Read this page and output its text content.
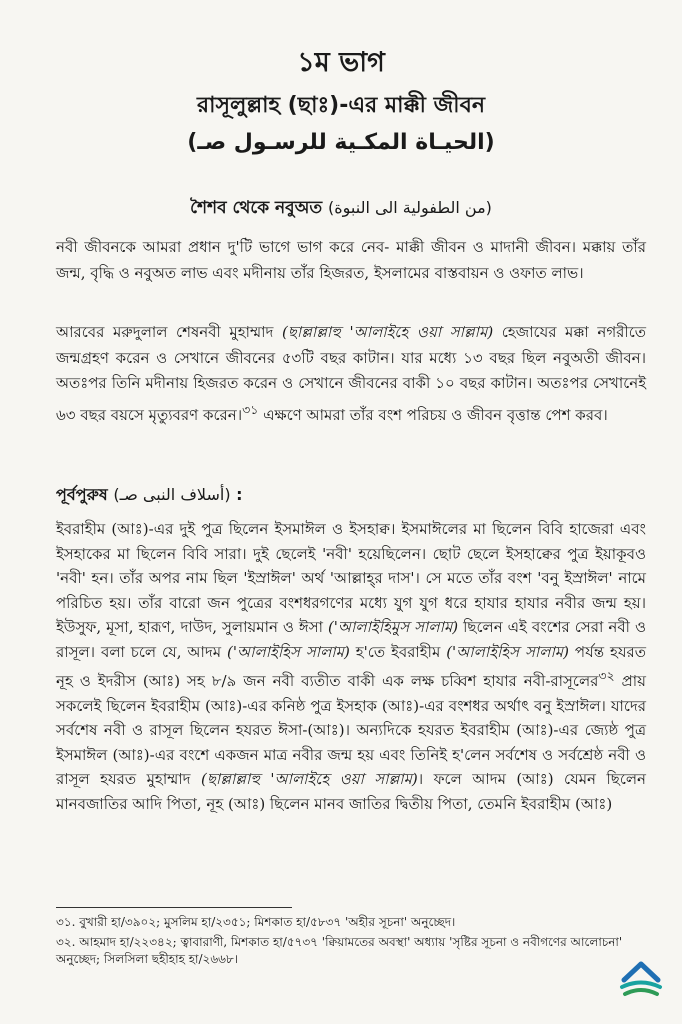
১ম ভাগ
রাসূলুল্লাহ (ছাঃ)-এর মাক্কী জীবন
(الحيـاة المكـية للرسـول صـ)
শৈশব থেকে নবুঅত (من الطفولية الى النبوة)

নবী জীবনকে আমরা প্রধান দু'টি ভাগে ভাগ করে নেব- মাক্কী জীবন ও মাদানী জীবন। মক্কায় তাঁর জন্ম, বৃদ্ধি ও নবুঅত লাভ এবং মদীনায় তাঁর হিজরত, ইসলামের বাস্তবায়ন ও ওফাত লাভ।

আরবের মরুদুলাল শেষনবী মুহাম্মাদ (ছাল্লাল্লাহু 'আলাইহে ওয়া সাল্লাম) হেজাযের মক্কা নগরীতে জন্মগ্রহণ করেন ও সেখানে জীবনের ৫৩টি বছর কাটান। যার মধ্যে ১৩ বছর ছিল নবুঅতী জীবন। অতঃপর তিনি মদীনায় হিজরত করেন ও সেখানে জীবনের বাকী ১০ বছর কাটান। অতঃপর সেখানেই ৬৩ বছর বয়সে মৃত্যুবরণ করেন।$^{৩১}$ এক্ষণে আমরা তাঁর বংশ পরিচয় ও জীবন বৃত্তান্ত পেশ করব।

পূর্বপুরুষ (أسلاف النبى صـ) :

ইবরাহীম (আঃ)-এর দুই পুত্র ছিলেন ইসমাঈল ও ইসহাক্ব। ইসমাঈলের মা ছিলেন বিবি হাজেরা এবং ইসহাকের মা ছিলেন বিবি সারা। দুই ছেলেই 'নবী' হয়েছিলেন। ছোট ছেলে ইসহাক্বের পুত্র ইয়াকূবও 'নবী' হন। তাঁর অপর নাম ছিল 'ইস্রাঈল' অর্থ 'আল্লাহ্‌র দাস'। সে মতে তাঁর বংশ 'বনু ইস্রাঈল' নামে পরিচিত হয়। তাঁর বারো জন পুত্রের বংশধরগণের মধ্যে যুগ যুগ ধরে হাযার হাযার নবীর জন্ম হয়। ইউসুফ, মূসা, হারূণ, দাউদ, সুলায়মান ও ঈসা ('আলাইহিমুস সালাম) ছিলেন এই বংশের সেরা নবী ও রাসূল। বলা চলে যে, আদম ('আলাইহিস সালাম) হ'তে ইবরাহীম ('আলাইহিস সালাম) পর্যন্ত হযরত নূহ ও ইদরীস (আঃ) সহ ৮/৯ জন নবী ব্যতীত বাকী এক লক্ষ চব্বিশ হাযার নবী-রাসূলের$^{৩২}$ প্রায় সকলেই ছিলেন ইবরাহীম (আঃ)-এর কনিষ্ঠ পুত্র ইসহাক (আঃ)-এর বংশধর অর্থাৎ বনু ইস্রাঈল। যাদের সর্বশেষ নবী ও রাসূল ছিলেন হযরত ঈসা-(আঃ)। অন্যদিকে হযরত ইবরাহীম (আঃ)-এর জ্যেষ্ঠ পুত্র ইসমাঈল (আঃ)-এর বংশে একজন মাত্র নবীর জন্ম হয় এবং তিনিই হ'লেন সর্বশেষ ও সর্বশ্রেষ্ঠ নবী ও রাসূল হযরত মুহাম্মাদ (ছাল্লাল্লাহু 'আলাইহে ওয়া সাল্লাম)। ফলে আদম (আঃ) যেমন ছিলেন মানবজাতির আদি পিতা, নূহ (আঃ) ছিলেন মানব জাতির দ্বিতীয় পিতা, তেমনি ইবরাহীম (আঃ)

৩১. বুখারী হা/৩৯০২; মুসলিম হা/২৩৫১; মিশকাত হা/৫৮৩৭ 'অহীর সূচনা' অনুচ্ছেদ।

৩২. আহমাদ হা/২২৩৪২; ত্বাবারাণী, মিশকাত হা/৫৭৩৭ 'ক্বিয়ামতের অবস্থা' অধ্যায় 'সৃষ্টির সূচনা ও নবীগণের আলোচনা' অনুচ্ছেদ; সিলসিলা ছহীহাহ হা/২৬৬৮।
